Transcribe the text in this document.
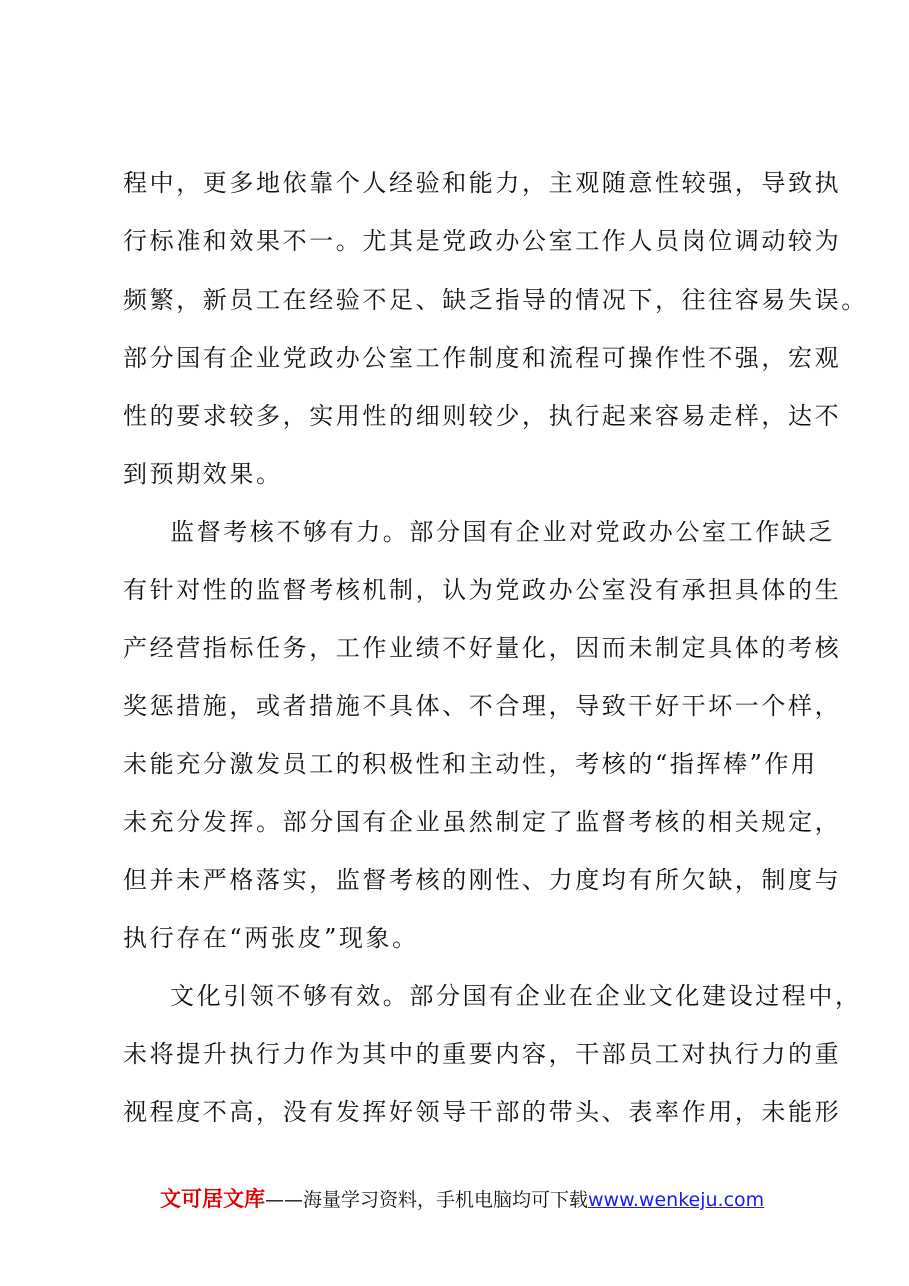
程中，更多地依靠个人经验和能力，主观随意性较强，导致执
行标准和效果不一。尤其是党政办公室工作人员岗位调动较为
频繁，新员工在经验不足、缺乏指导的情况下，往往容易失误。
部分国有企业党政办公室工作制度和流程可操作性不强，宏观
性的要求较多，实用性的细则较少，执行起来容易走样，达不
到预期效果。
监督考核不够有力。部分国有企业对党政办公室工作缺乏
有针对性的监督考核机制，认为党政办公室没有承担具体的生
产经营指标任务，工作业绩不好量化，因而未制定具体的考核
奖惩措施，或者措施不具体、不合理，导致干好干坏一个样，
未能充分激发员工的积极性和主动性，考核的“指挥棒”作用
未充分发挥。部分国有企业虽然制定了监督考核的相关规定，
但并未严格落实，监督考核的刚性、力度均有所欠缺，制度与
执行存在“两张皮”现象。
文化引领不够有效。部分国有企业在企业文化建设过程中，
未将提升执行力作为其中的重要内容，干部员工对执行力的重
视程度不高，没有发挥好领导干部的带头、表率作用，未能形
文可居文库——海量学习资料，手机电脑均可下载www.wenkeju.com
